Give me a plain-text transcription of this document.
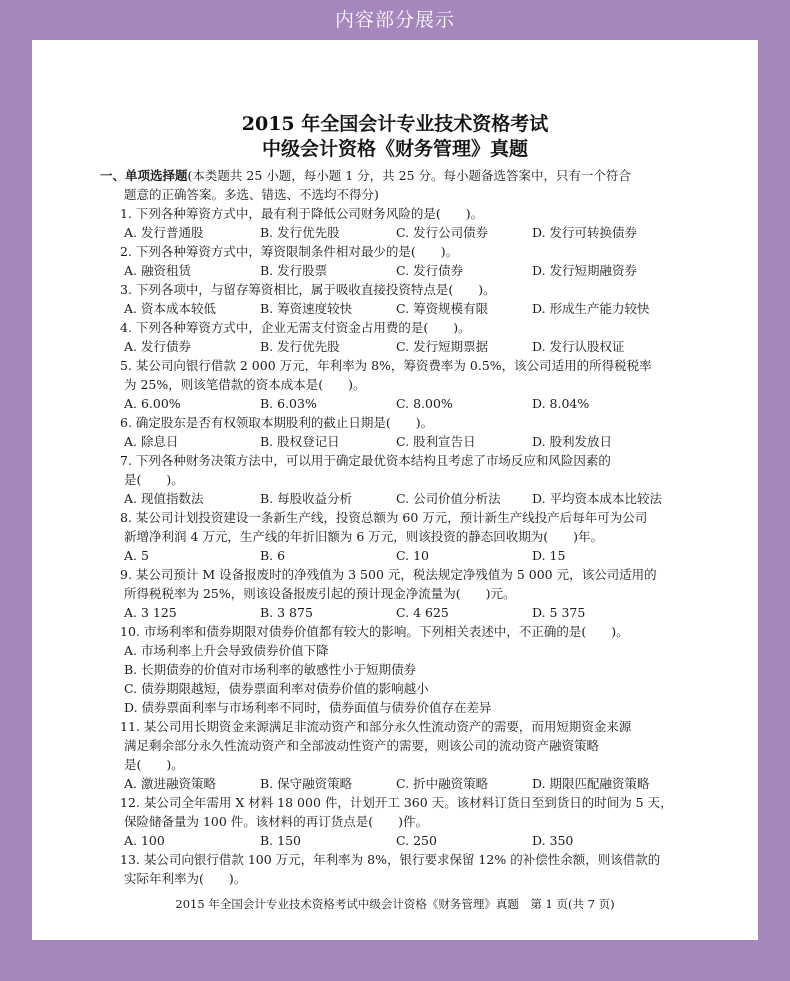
内容部分展示
2015 年全国会计专业技术资格考试
中级会计资格《财务管理》真题
一、单项选择题(本类题共 25 小题，每小题 1 分，共 25 分。每小题备选答案中，只有一个符合
题意的正确答案。多选、错选、不选均不得分)
1. 下列各种筹资方式中，最有利于降低公司财务风险的是(　　)。
A. 发行普通股	B. 发行优先股	C. 发行公司债券	D. 发行可转换债券
2. 下列各种筹资方式中，筹资限制条件相对最少的是(　　)。
A. 融资租赁	B. 发行股票	C. 发行债券	D. 发行短期融资券
3. 下列各项中，与留存筹资相比，属于吸收直接投资特点是(　　)。
A. 资本成本较低	B. 筹资速度较快	C. 筹资规模有限	D. 形成生产能力较快
4. 下列各种筹资方式中，企业无需支付资金占用费的是(　　)。
A. 发行债券	B. 发行优先股	C. 发行短期票据	D. 发行认股权证
5. 某公司向银行借款 2 000 万元，年利率为 8%，筹资费率为 0.5%，该公司适用的所得税税率
为 25%，则该笔借款的资本成本是(　　)。
A. 6.00%	B. 6.03%	C. 8.00%	D. 8.04%
6. 确定股东是否有权领取本期股利的截止日期是(　　)。
A. 除息日	B. 股权登记日	C. 股利宣告日	D. 股利发放日
7. 下列各种财务决策方法中，可以用于确定最优资本结构且考虑了市场反应和风险因素的
是(　　)。
A. 现值指数法	B. 每股收益分析	C. 公司价值分析法	D. 平均资本成本比较法
8. 某公司计划投资建设一条新生产线，投资总额为 60 万元，预计新生产线投产后每年可为公司
新增净利润 4 万元，生产线的年折旧额为 6 万元，则该投资的静态回收期为(　　)年。
A. 5	B. 6	C. 10	D. 15
9. 某公司预计 M 设备报废时的净残值为 3 500 元，税法规定净残值为 5 000 元，该公司适用的
所得税税率为 25%，则该设备报废引起的预计现金净流量为(　　)元。
A. 3 125	B. 3 875	C. 4 625	D. 5 375
10. 市场利率和债券期限对债券价值都有较大的影响。下列相关表述中，不正确的是(　　)。
A. 市场利率上升会导致债券价值下降
B. 长期债券的价值对市场利率的敏感性小于短期债券
C. 债券期限越短，债券票面利率对债券价值的影响越小
D. 债券票面利率与市场利率不同时，债券面值与债券价值存在差异
11. 某公司用长期资金来源满足非流动资产和部分永久性流动资产的需要，而用短期资金来源
满足剩余部分永久性流动资产和全部波动性资产的需要，则该公司的流动资产融资策略
是(　　)。
A. 激进融资策略	B. 保守融资策略	C. 折中融资策略	D. 期限匹配融资策略
12. 某公司全年需用 X 材料 18 000 件，计划开工 360 天。该材料订货日至到货日的时间为 5 天，
保险储备量为 100 件。该材料的再订货点是(　　)件。
A. 100	B. 150	C. 250	D. 350
13. 某公司向银行借款 100 万元，年利率为 8%，银行要求保留 12% 的补偿性余额，则该借款的
2015 年全国会计专业技术资格考试中级会计资格《财务管理》真题　第 1 页(共 7 页)
实际年利率为(　　)。
